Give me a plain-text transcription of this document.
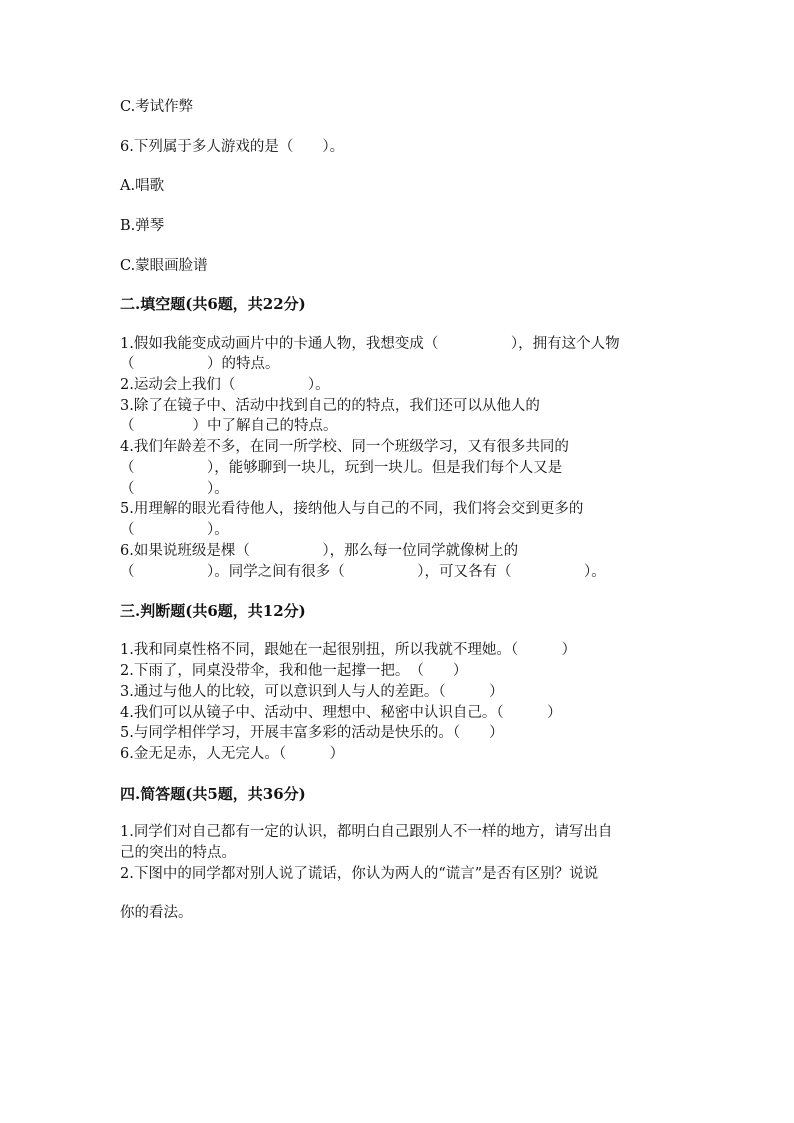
C.考试作弊
6.下列属于多人游戏的是（　　）。
A.唱歌
B.弹琴
C.蒙眼画脸谱
二.填空题(共6题，共22分)
1.假如我能变成动画片中的卡通人物，我想变成（　　　　　），拥有这个人物
（　　　　　）的特点。
2.运动会上我们（　　　　　）。
3.除了在镜子中、活动中找到自己的的特点，我们还可以从他人的
（　　　　）中了解自己的特点。
4.我们年龄差不多，在同一所学校、同一个班级学习，又有很多共同的
（　　　　　），能够聊到一块儿，玩到一块儿。但是我们每个人又是
（　　　　　）。
5.用理解的眼光看待他人，接纳他人与自己的不同，我们将会交到更多的
（　　　　　）。
6.如果说班级是棵（　　　　　），那么每一位同学就像树上的
（　　　　　）。同学之间有很多（　　　　　），可又各有（　　　　　）。
三.判断题(共6题，共12分)
1.我和同桌性格不同，跟她在一起很别扭，所以我就不理她。（　　　）
2.下雨了，同桌没带伞，我和他一起撑一把。　（　　）
3.通过与他人的比较，可以意识到人与人的差距。（　　　）
4.我们可以从镜子中、活动中、理想中、秘密中认识自己。（　　　）
5.与同学相伴学习，开展丰富多彩的活动是快乐的。（　　）
6.金无足赤，人无完人。（　　　）
四.简答题(共5题，共36分)
1.同学们对自己都有一定的认识，都明白自己跟别人不一样的地方，请写出自
己的突出的特点。
2.下图中的同学都对别人说了谎话，你认为两人的“谎言”是否有区别？说说
你的看法。
